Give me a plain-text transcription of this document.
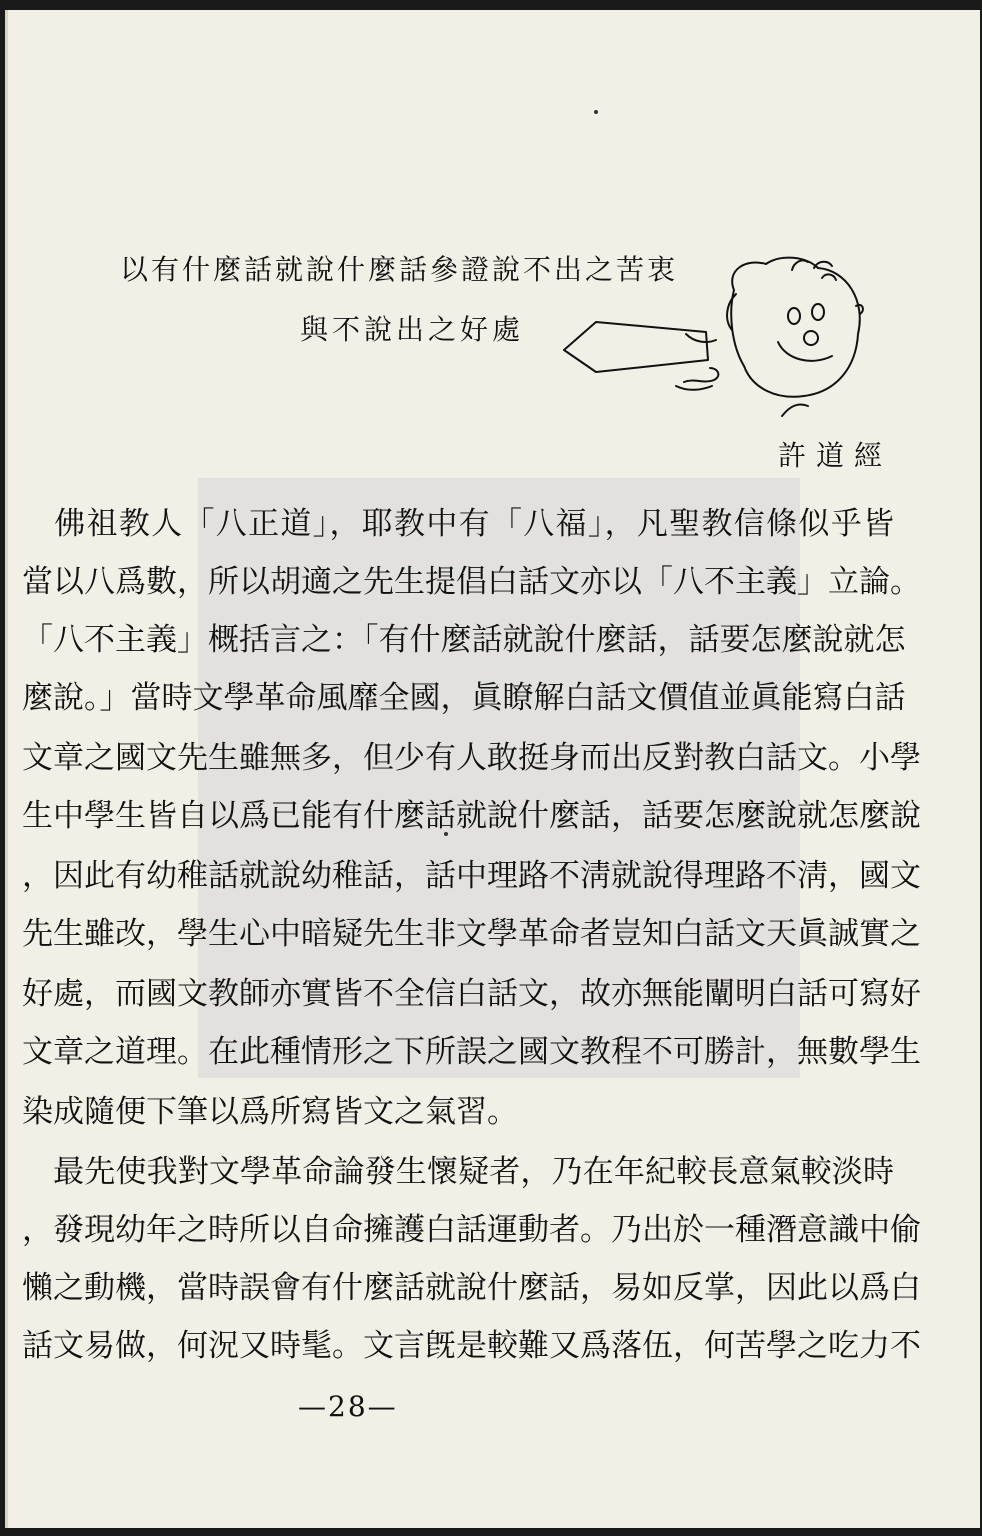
以有什麼話就說什麼話參證說不出之苦衷
與不說出之好處
許道經
　佛祖教人「八正道」，耶教中有「八福」，凡聖教信條似乎皆
當以八爲數，所以胡適之先生提倡白話文亦以「八不主義」立論。
「八不主義」概括言之：「有什麼話就說什麼話，話要怎麼說就怎
麼說。」當時文學革命風靡全國，眞瞭解白話文價值並眞能寫白話
文章之國文先生雖無多，但少有人敢挺身而出反對教白話文。小學
生中學生皆自以爲已能有什麼話就說什麼話，話要怎麼說就怎麼說
，因此有幼稚話就說幼稚話，話中理路不淸就說得理路不淸，國文
先生雖改，學生心中暗疑先生非文學革命者豈知白話文天眞誠實之
好處，而國文教師亦實皆不全信白話文，故亦無能闡明白話可寫好
文章之道理。在此種情形之下所誤之國文教程不可勝計，無數學生
染成隨便下筆以爲所寫皆文之氣習。
　最先使我對文學革命論發生懷疑者，乃在年紀較長意氣較淡時
，發現幼年之時所以自命擁護白話運動者。乃出於一種潛意識中偷
懶之動機，當時誤會有什麼話就說什麼話，易如反掌，因此以爲白
話文易做，何況又時髦。文言旣是較難又爲落伍，何苦學之吃力不
—28—
